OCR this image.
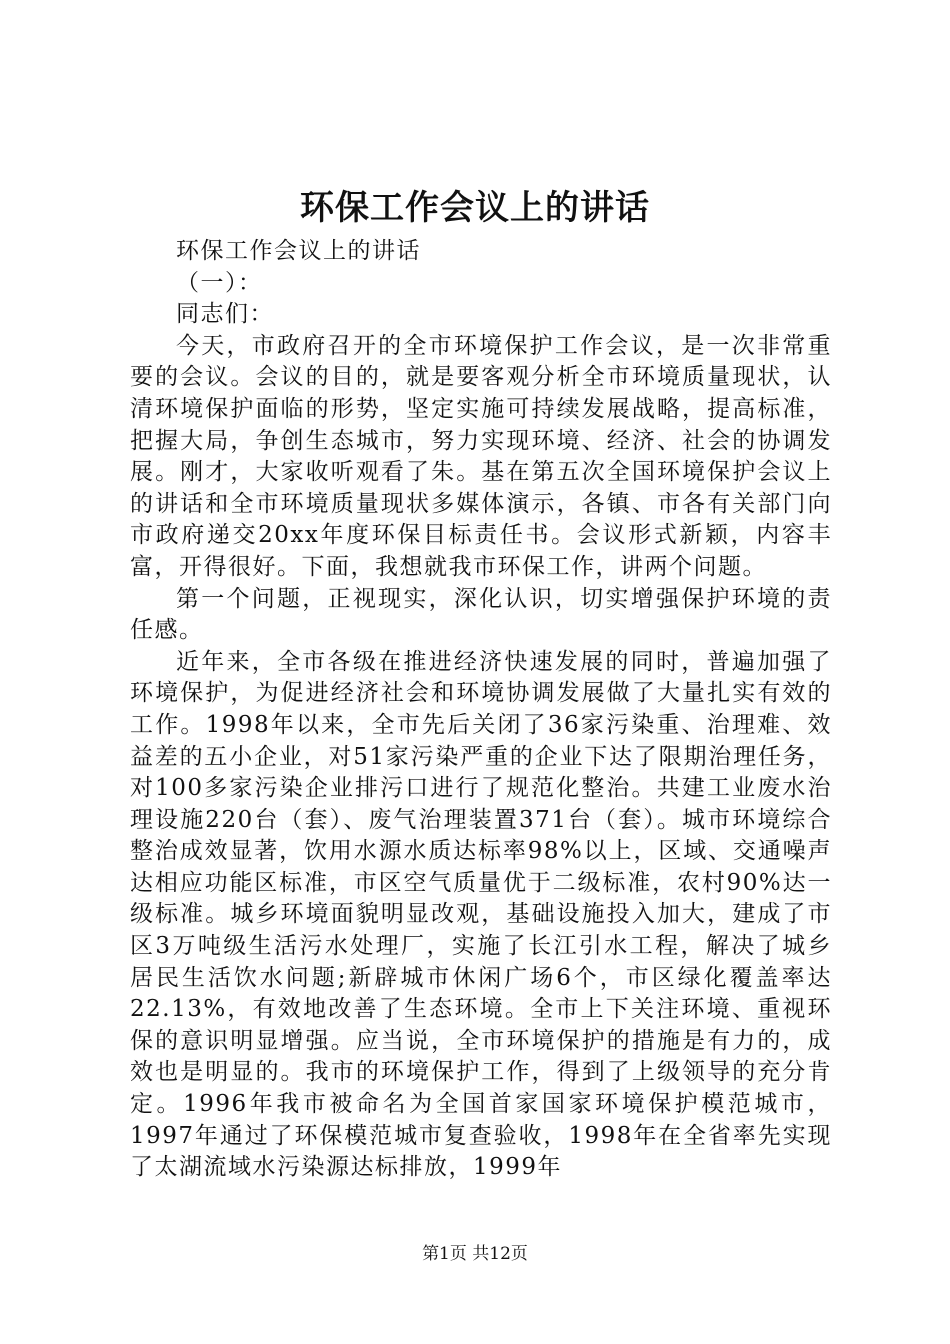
环保工作会议上的讲话

环保工作会议上的讲话

（一）：

同志们：

今天，市政府召开的全市环境保护工作会议，是一次非常重要的会议。会议的目的，就是要客观分析全市环境质量现状，认清环境保护面临的形势，坚定实施可持续发展战略，提高标准，把握大局，争创生态城市，努力实现环境、经济、社会的协调发展。刚才，大家收听观看了朱。基在第五次全国环境保护会议上的讲话和全市环境质量现状多媒体演示，各镇、市各有关部门向市政府递交20xx年度环保目标责任书。会议形式新颖，内容丰富，开得很好。下面，我想就我市环保工作，讲两个问题。

第一个问题，正视现实，深化认识，切实增强保护环境的责任感。

近年来，全市各级在推进经济快速发展的同时，普遍加强了环境保护，为促进经济社会和环境协调发展做了大量扎实有效的工作。1998年以来，全市先后关闭了36家污染重、治理难、效益差的五小企业，对51家污染严重的企业下达了限期治理任务，对100多家污染企业排污口进行了规范化整治。共建工业废水治理设施220台（套）、废气治理装置371台（套）。城市环境综合整治成效显著，饮用水源水质达标率98%以上，区域、交通噪声达相应功能区标准，市区空气质量优于二级标准，农村90%达一级标准。城乡环境面貌明显改观，基础设施投入加大，建成了市区3万吨级生活污水处理厂，实施了长江引水工程，解决了城乡居民生活饮水问题;新辟城市休闲广场6个，市区绿化覆盖率达22.13%，有效地改善了生态环境。全市上下关注环境、重视环保的意识明显增强。应当说，全市环境保护的措施是有力的，成效也是明显的。我市的环境保护工作，得到了上级领导的充分肯定。1996年我市被命名为全国首家国家环境保护模范城市，1997年通过了环保模范城市复查验收，1998年在全省率先实现了太湖流域水污染源达标排放，1999年

第1页 共12页
